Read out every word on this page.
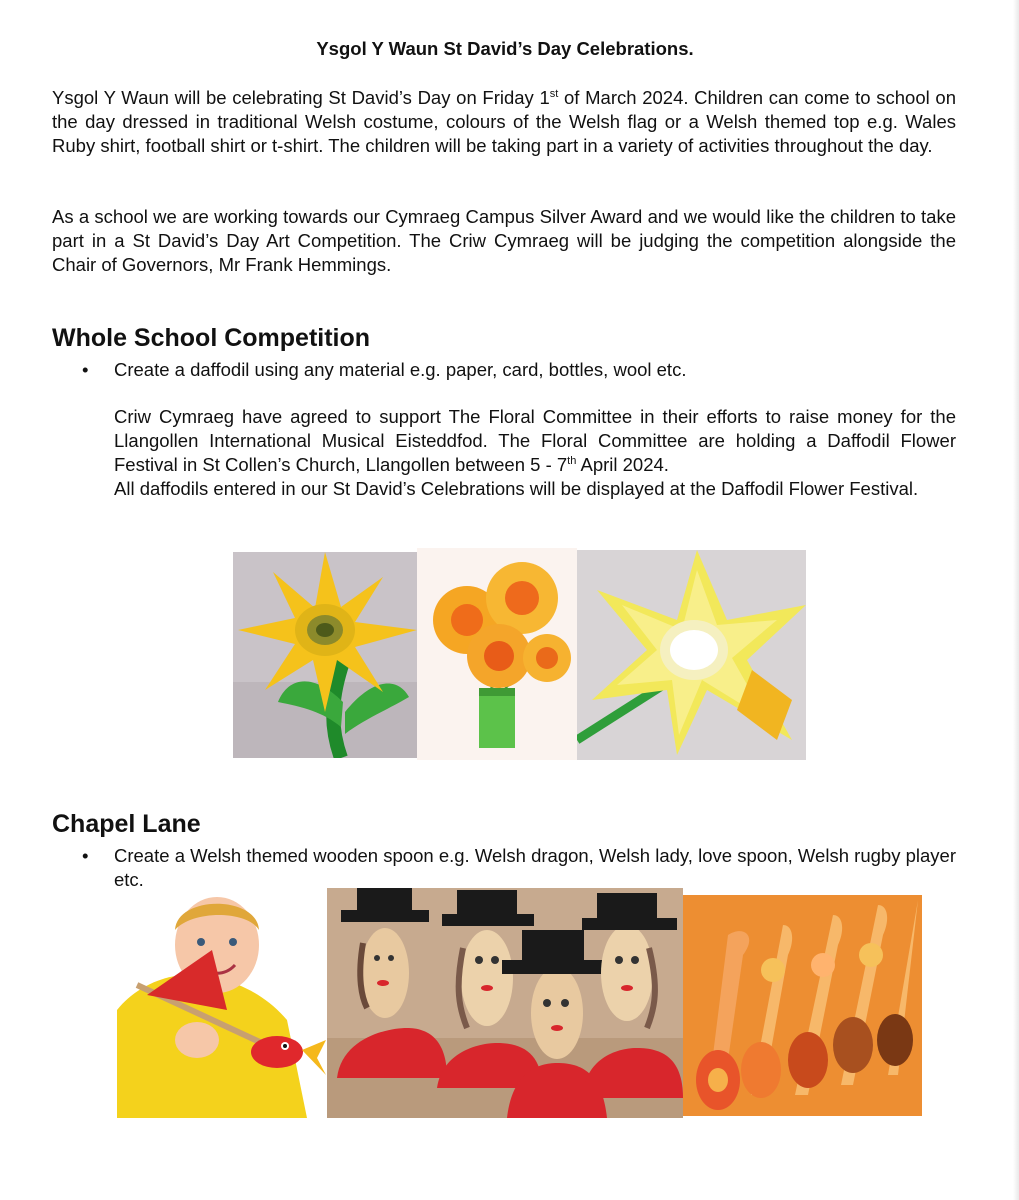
Ysgol Y Waun St David’s Day Celebrations.

Ysgol Y Waun will be celebrating St David’s Day on Friday 1st of March 2024. Children can come to school on the day dressed in traditional Welsh costume, colours of the Welsh flag or a Welsh themed top e.g. Wales Ruby shirt, football shirt or t-shirt. The children will be taking part in a variety of activities throughout the day.

As a school we are working towards our Cymraeg Campus Silver Award and we would like the children to take part in a St David’s Day Art Competition. The Criw Cymraeg will be judging the competition alongside the Chair of Governors, Mr Frank Hemmings.

Whole School Competition
• Create a daffodil using any material e.g. paper, card, bottles, wool etc.

Criw Cymraeg have agreed to support The Floral Committee in their efforts to raise money for the Llangollen International Musical Eisteddfod. The Floral Committee are holding a Daffodil Flower Festival in St Collen’s Church, Llangollen between 5 - 7th April 2024.

All daffodils entered in our St David’s Celebrations will be displayed at the Daffodil Flower Festival.

Chapel Lane
• Create a Welsh themed wooden spoon e.g. Welsh dragon, Welsh lady, love spoon, Welsh rugby player etc.
